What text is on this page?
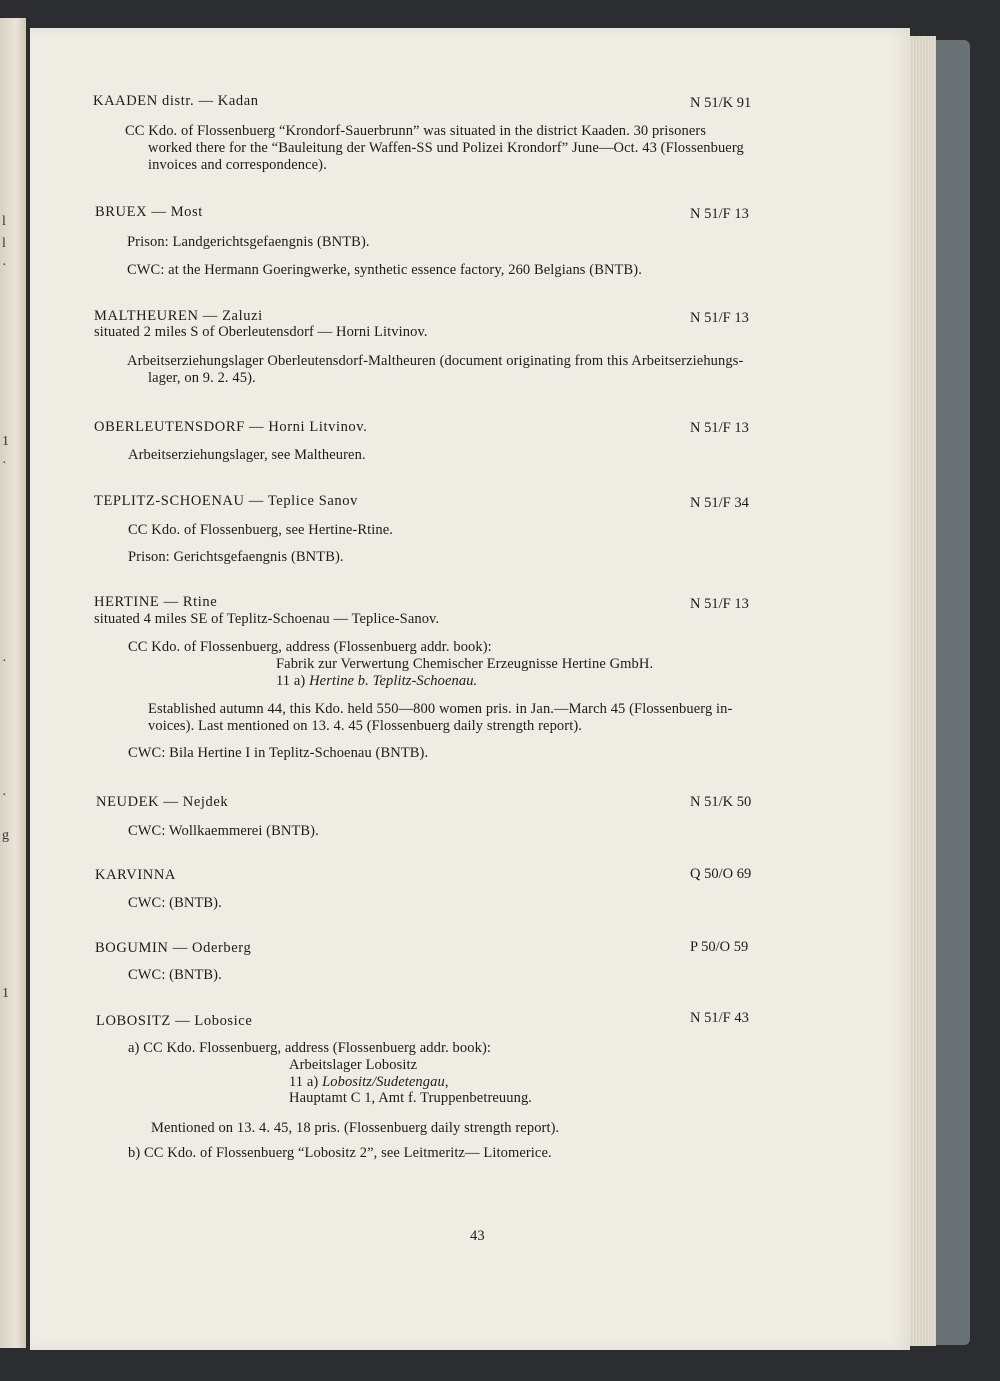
l
l
·
1
·
·
·
g
1
KAADEN distr. — Kadan	N 51/K 91
CC Kdo. of Flossenbuerg “Krondorf-Sauerbrunn” was situated in the district Kaaden. 30 prisoners
worked there for the “Bauleitung der Waffen-SS und Polizei Krondorf” June—Oct. 43 (Flossenbuerg
invoices and correspondence).
BRUEX — Most	N 51/F 13
Prison: Landgerichtsgefaengnis (BNTB).
CWC: at the Hermann Goeringwerke, synthetic essence factory, 260 Belgians (BNTB).
MALTHEUREN — Zaluzi	N 51/F 13
situated 2 miles S of Oberleutensdorf — Horni Litvinov.
Arbeitserziehungslager Oberleutensdorf-Maltheuren (document originating from this Arbeitserziehungs-
lager, on 9. 2. 45).
OBERLEUTENSDORF — Horni Litvinov.	N 51/F 13
Arbeitserziehungslager, see Maltheuren.
TEPLITZ-SCHOENAU — Teplice Sanov	N 51/F 34
CC Kdo. of Flossenbuerg, see Hertine-Rtine.
Prison: Gerichtsgefaengnis (BNTB).
HERTINE — Rtine	N 51/F 13
situated 4 miles SE of Teplitz-Schoenau — Teplice-Sanov.
CC Kdo. of Flossenbuerg, address (Flossenbuerg addr. book):
Fabrik zur Verwertung Chemischer Erzeugnisse Hertine GmbH.
11 a) Hertine b. Teplitz-Schoenau.
Established autumn 44, this Kdo. held 550—800 women pris. in Jan.—March 45 (Flossenbuerg in-
voices). Last mentioned on 13. 4. 45 (Flossenbuerg daily strength report).
CWC: Bila Hertine I in Teplitz-Schoenau (BNTB).
NEUDEK — Nejdek	N 51/K 50
CWC: Wollkaemmerei (BNTB).
KARVINNA	Q 50/O 69
CWC: (BNTB).
BOGUMIN — Oderberg	P 50/O 59
CWC: (BNTB).
LOBOSITZ — Lobosice	N 51/F 43
a) CC Kdo. Flossenbuerg, address (Flossenbuerg addr. book):
Arbeitslager Lobositz
11 a) Lobositz/Sudetengau,
Hauptamt C 1, Amt f. Truppenbetreuung.
Mentioned on 13. 4. 45, 18 pris. (Flossenbuerg daily strength report).
b) CC Kdo. of Flossenbuerg “Lobositz 2”, see Leitmeritz— Litomerice.
43
